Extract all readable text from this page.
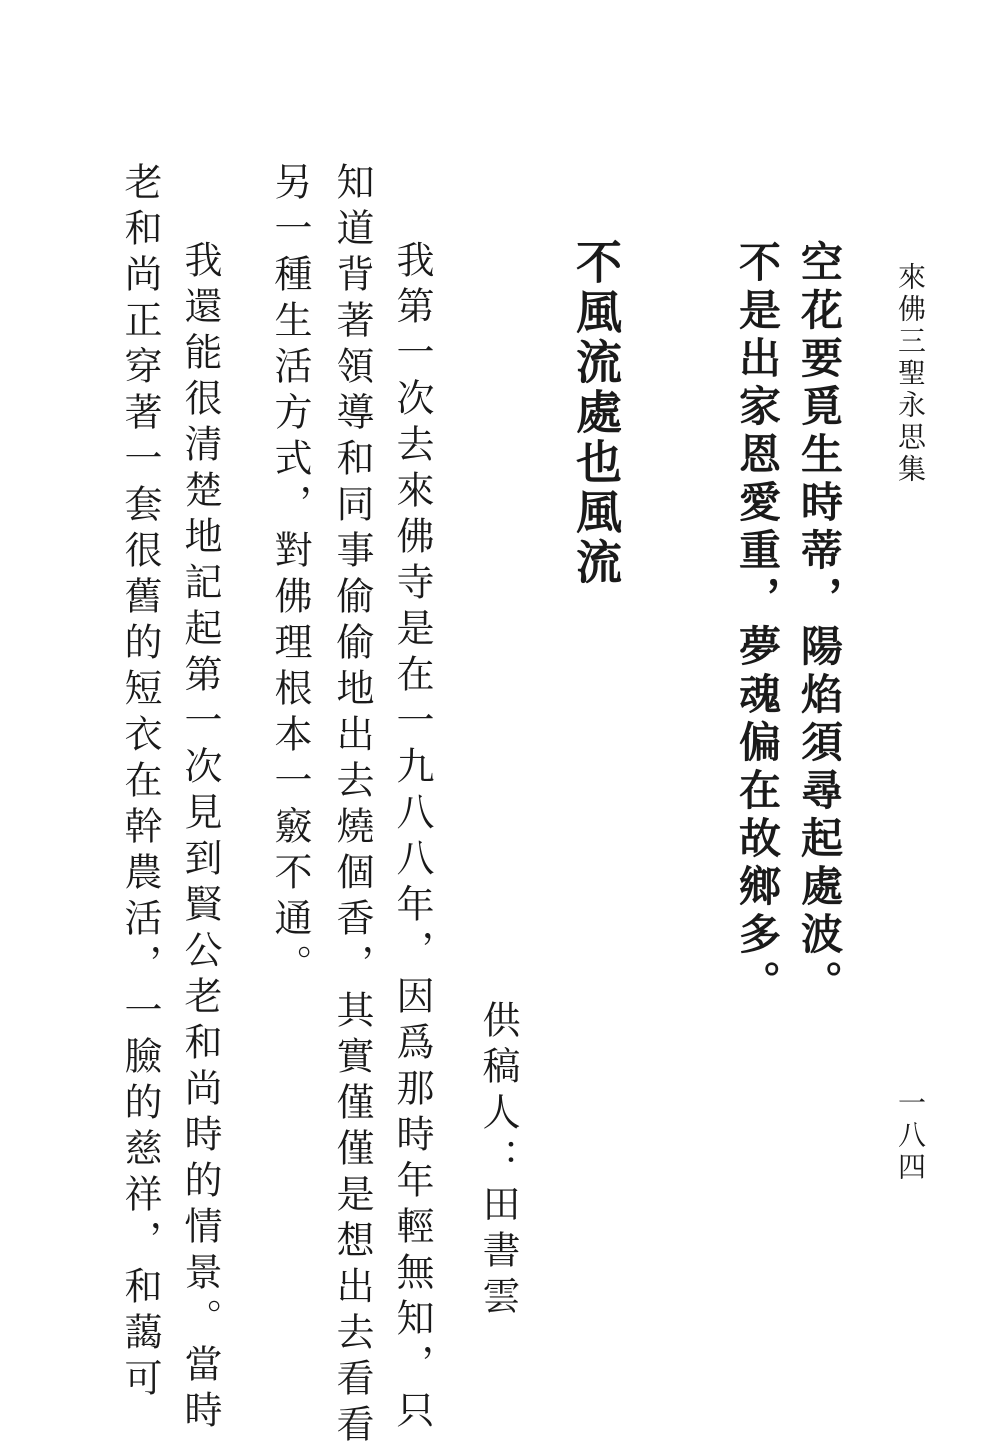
來佛三聖永思集
一八四
空花要覓生時蒂，陽焰須尋起處波。
不是出家恩愛重，夢魂偏在故鄉多。
不風流處也風流
供稿人：田書雲
我第一次去來佛寺是在一九八八年，因爲那時年輕無知，只
知道背著領導和同事偷偷地出去燒個香，其實僅僅是想出去看看
另一種生活方式，對佛理根本一竅不通。
我還能很清楚地記起第一次見到賢公老和尚時的情景。當時
老和尚正穿著一套很舊的短衣在幹農活，一臉的慈祥，和藹可
